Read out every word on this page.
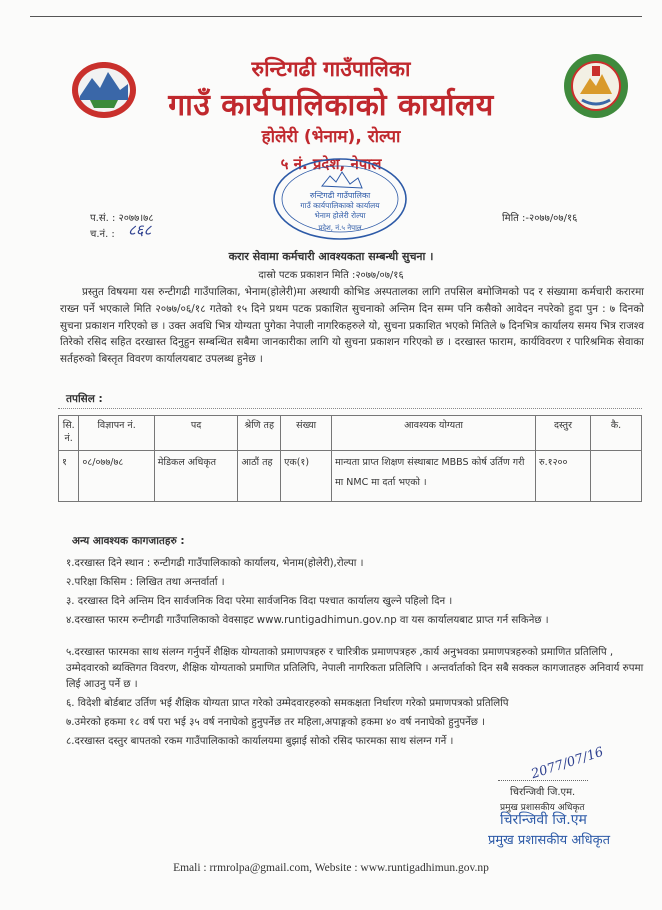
रुन्टिगढी गाउँपालिका
गाउँ कार्यपालिकाको कार्यालय
होलेरी (भेनाम), रोल्पा
५ नं. प्रदेश, नेपाल
रुन्टिगढी गाउँपालिका
गाउँ कार्यपालिकाको कार्यालय
भेनाम होलेरी रोल्पा
प्रदेश, नं.५ नेपाल
प.सं. : २०७७।७८
च.नं. : ८६८
मिति :-२०७७/०७/१६
करार सेवामा कर्मचारी आवश्यकता सम्बन्धी सुचना ।
दास्रो पटक प्रकाशन मिति :२०७७/०७/१६
प्रस्तुत विषयमा यस रुन्टीगढी गाउँपालिका, भेनाम(होलेरी)मा अस्थायी कोभिड अस्पतालका लागि तपसिल बमोजिमको पद र संख्यामा कर्मचारी करारमा राख्न पर्ने भएकाले मिति २०७७/०६/१८ गतेको १५ दिने प्रथम पटक प्रकाशित सुचनाको अन्तिम दिन सम्म पनि कसैको आवेदन नपरेको हुदा पुन : ७ दिनको सुचना प्रकाशन गरिएको छ । उक्त अवधि भित्र योग्यता पुगेका नेपाली नागरिकहरुले यो, सुचना प्रकाशित भएको मितिले ७ दिनभित्र कार्यालय समय भित्र राजश्व तिरेको रसिद सहित दरखास्त दिनुहुन सम्बन्धित सबैमा जानकारीका लागि यो सुचना प्रकाशन गरिएको छ । दरखास्त फाराम, कार्यविवरण र पारिश्रमिक सेवाका सर्तहरुको बिस्तृत विवरण कार्यालयबाट उपलब्ध हुनेछ ।
तपसिल :
सि. नं.	विज्ञापन नं.	पद	श्रेणि तह	संख्या	आवश्यक योग्यता	दस्तुर	कै.
१	०८/०७७/७८	मेडिकल अधिकृत	आठौं तह	एक(१)	मान्यता प्राप्त शिक्षण संस्थाबाट MBBS कोर्ष उर्तिण गरी मा NMC मा दर्ता भएको ।	रु.१२००	
अन्य आवश्यक कागजातहरु :
१.दरखास्त दिने स्थान : रुन्टीगढी गाउँपालिकाको कार्यालय, भेनाम(होलेरी),रोल्पा ।
२.परिक्षा किसिम : लिखित तथा अन्तर्वार्ता ।
३. दरखास्त दिने अन्तिम दिन सार्वजनिक विदा परेमा सार्वजनिक विदा पश्चात कार्यालय खुल्ने पहिलो दिन ।
४.दरखास्त फारम रुन्टीगढी गाउँपालिकाको वेवसाइट www.runtigadhimun.gov.np वा यस कार्यालयबाट प्राप्त गर्न सकिनेछ ।
५.दरखास्त फारमका साथ संलग्न गर्नुपर्ने शैक्षिक योग्यताको प्रमाणपत्रहरु र चारित्रीक प्रमाणपत्रहरु ,कार्य अनुभवका प्रमाणपत्रहरुको प्रमाणित प्रतिलिपि , उम्मेदवारको ब्यक्तिगत विवरण, शैक्षिक योग्यताको प्रमाणित प्रतिलिपि, नेपाली नागरिकता प्रतिलिपि । अन्तर्वार्ताको दिन सबै सक्कल कागजातहरु अनिवार्य रुपमा लिई आउनु पर्ने छ ।
६. विदेशी बोर्डबाट उर्तिण भई शैक्षिक योग्यता प्राप्त गरेको उम्मेदवारहरुको समकक्षता निर्धारण गरेको प्रमाणपत्रको प्रतिलिपि
७.उमेरको हकमा १८ वर्ष परा भई ३५ वर्ष ननाघेको हुनुपर्नेछ तर महिला,अपाङ्गको हकमा ४० वर्ष ननाघेको हुनुपर्नेछ ।
८.दरखास्त दस्तुर बापतको रकम गाउँपालिकाको कार्यालयमा बुझाई सोको रसिद फारमका साथ संलग्न गर्ने ।
2077/07/16
चिरन्जिवी जि.एम.
प्रमुख प्रशासकीय अधिकृत
चिरन्जिवी जि.एम
प्रमुख प्रशासकीय अधिकृत
Emali : rrmrolpa@gmail.com, Website : www.runtigadhimun.gov.np
